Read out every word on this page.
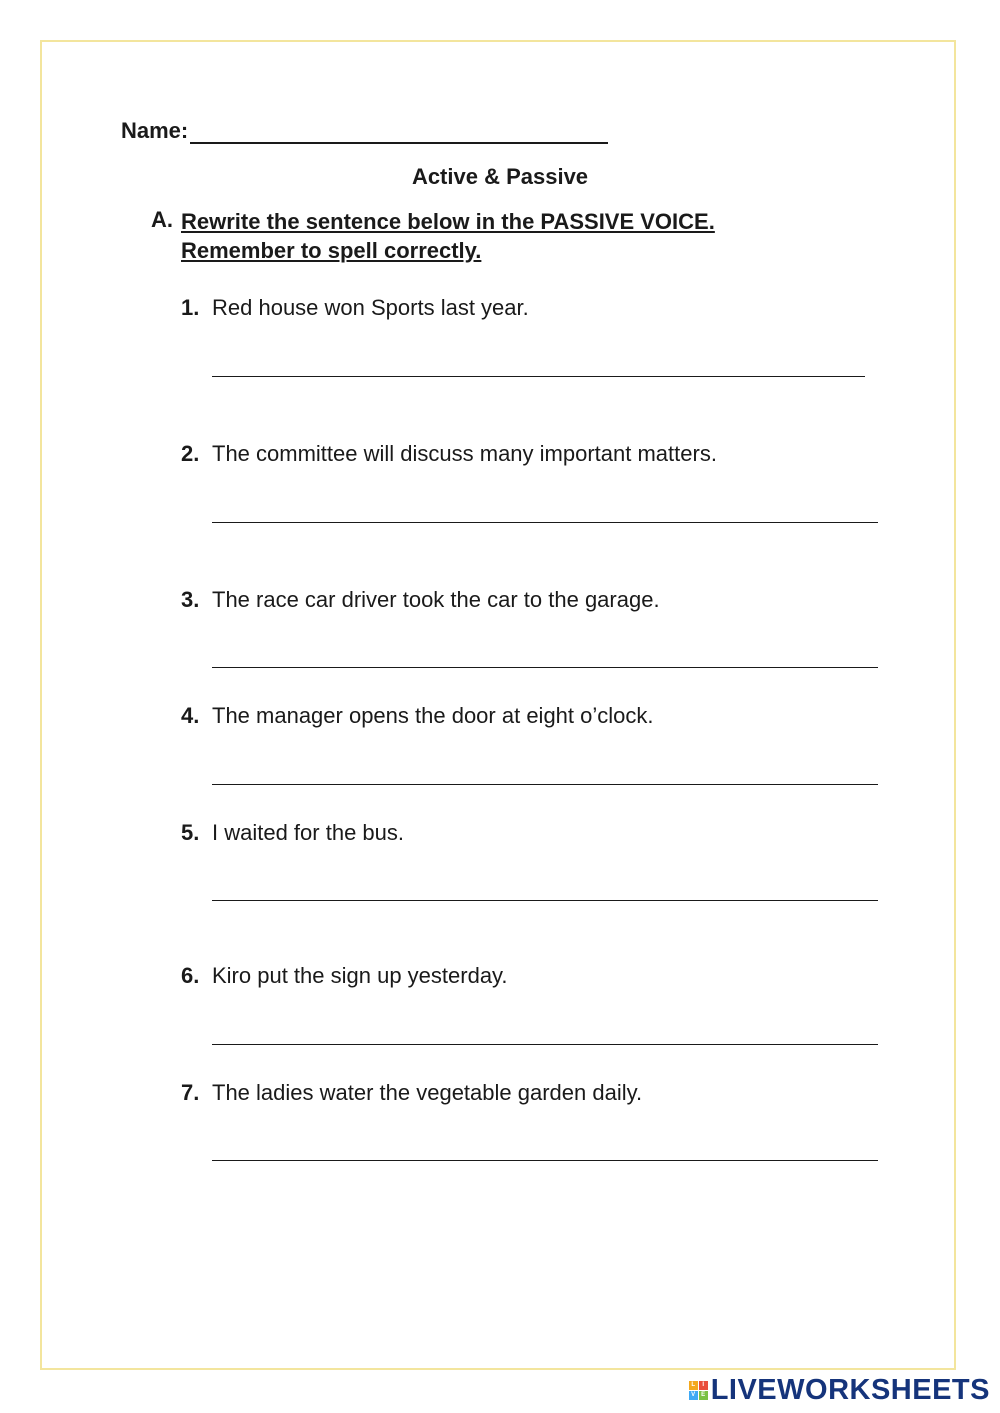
Name:
Active & Passive
A. Rewrite the sentence below in the PASSIVE VOICE.
Remember to spell correctly.
1. Red house won Sports last year.
2. The committee will discuss many important matters.
3. The race car driver took the car to the garage.
4. The manager opens the door at eight o’clock.
5. I waited for the bus.
6. Kiro put the sign up yesterday.
7. The ladies water the vegetable garden daily.
L	I
V E LIVEWORKSHEETS
